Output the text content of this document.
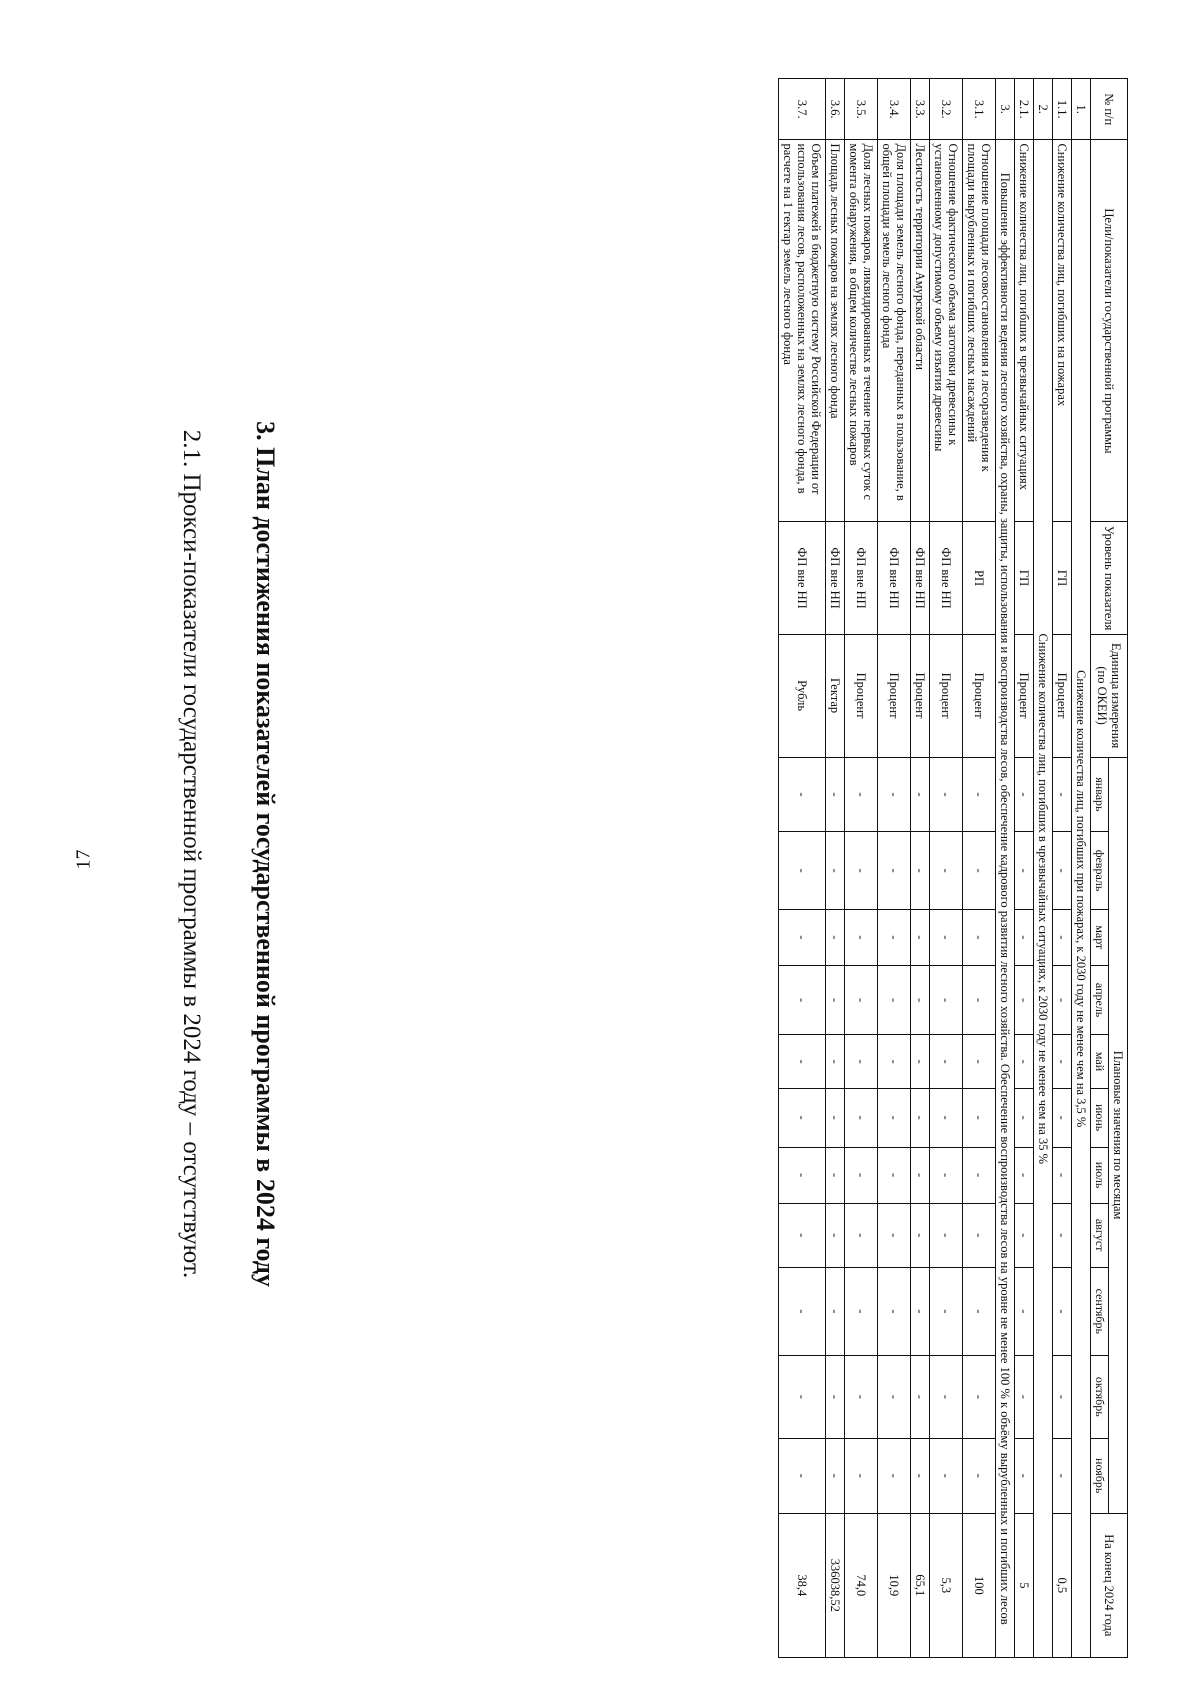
17	2.1. Прокси-показатели государственной программы в 2024 году – отсутствуют. 3. План достижения показателей государственной программы в 2024 году
№ п/п	Цели/показатели государственной программы	Уровень показателя	Единица измерения (по ОКЕИ)	Плановые значения по месяцам											На конец 2024 года
				январь	февраль	март	апрель	май	июнь	июль	август	сентябрь	октябрь	ноябрь	
1.	Снижение количества лиц, погибших при пожарах, к 2030 году не менее чем на 3,5 %														
1.1.	Снижение количества лиц, погибших на пожарах	ГП	Процент	-	-	-	-	-	-	-	-	-	-	-	0,5
2.	Снижение количества лиц, погибших в чрезвычайных ситуациях, к 2030 году не менее чем на 35 %														
2.1.	Снижение количества лиц, погибших в чрезвычайных ситуациях	ГП	Процент	-	-	-	-	-	-	-	-	-	-	-	5
3.	Повышение эффективности ведения лесного хозяйства, охраны, защиты, использования и воспроизводства лесов, обеспечение кадрового развития лесного хозяйства. Обеспечение воспроизводства лесов на уровне не менее 100 % к объёму вырубленных и погибших лесов														
3.1.	Отношение площади лесовосстановления и лесоразведения к площади вырубленных и погибших лесных насаждений	РП	Процент	-	-	-	-	-	-	-	-	-	-	-	100
3.2.	Отношение фактического объема заготовки древесины к установленному допустимому объему изъятия древесины	ФП вне НП	Процент	-	-	-	-	-	-	-	-	-	-	-	5,3
3.3.	Лесистость территории Амурской области	ФП вне НП	Процент	-	-	-	-	-	-	-	-	-	-	-	65,1
3.4.	Доля площади земель лесного фонда, переданных в пользование, в общей площади земель лесного фонда	ФП вне НП	Процент	-	-	-	-	-	-	-	-	-	-	-	10,9
3.5.	Доля лесных пожаров, ликвидированных в течение первых суток с момента обнаружения, в общем количестве лесных пожаров	ФП вне НП	Процент	-	-	-	-	-	-	-	-	-	-	-	74,0
3.6.	Площадь лесных пожаров на землях лесного фонда	ФП вне НП	Гектар	-	-	-	-	-	-	-	-	-	-	-	336038,52
3.7.	Объем платежей в бюджетную систему Российской Федерации от использования лесов, расположенных на землях лесного фонда, в расчете на 1 гектар земель лесного фонда	ФП вне НП	Рубль	-	-	-	-	-	-	-	-	-	-	-	38,4
